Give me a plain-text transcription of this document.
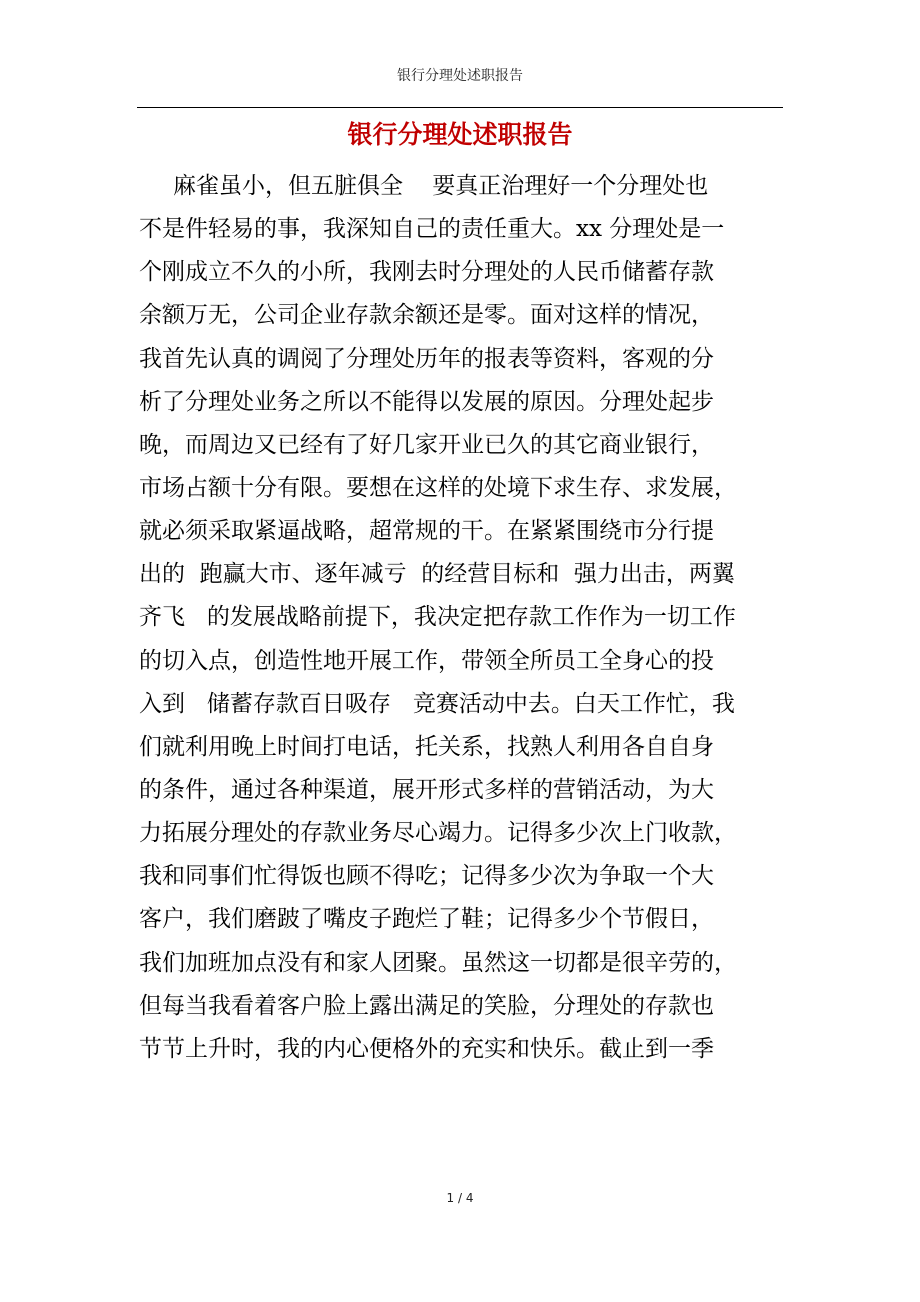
银行分理处述职报告
银行分理处述职报告
麻雀虽小，但五脏俱全    要真正治理好一个分理处也
不是件轻易的事，我深知自己的责任重大。xx 分理处是一
个刚成立不久的小所，我刚去时分理处的人民币储蓄存款
余额万无，公司企业存款余额还是零。面对这样的情况，
我首先认真的调阅了分理处历年的报表等资料，客观的分
析了分理处业务之所以不能得以发展的原因。分理处起步
晚，而周边又已经有了好几家开业已久的其它商业银行，
市场占额十分有限。要想在这样的处境下求生存、求发展，
就必须采取紧逼战略，超常规的干。在紧紧围绕市分行提
出的  跑赢大市、逐年减亏  的经营目标和  强力出击，两翼
齐飞   的发展战略前提下，我决定把存款工作作为一切工作
的切入点，创造性地开展工作，带领全所员工全身心的投
入到   储蓄存款百日吸存   竞赛活动中去。白天工作忙，我
们就利用晚上时间打电话，托关系，找熟人利用各自自身
的条件，通过各种渠道，展开形式多样的营销活动，为大
力拓展分理处的存款业务尽心竭力。记得多少次上门收款，
我和同事们忙得饭也顾不得吃；记得多少次为争取一个大
客户，我们磨跛了嘴皮子跑烂了鞋；记得多少个节假日，
我们加班加点没有和家人团聚。虽然这一切都是很辛劳的，
但每当我看着客户脸上露出满足的笑脸，分理处的存款也
节节上升时，我的内心便格外的充实和快乐。截止到一季
1 / 4
